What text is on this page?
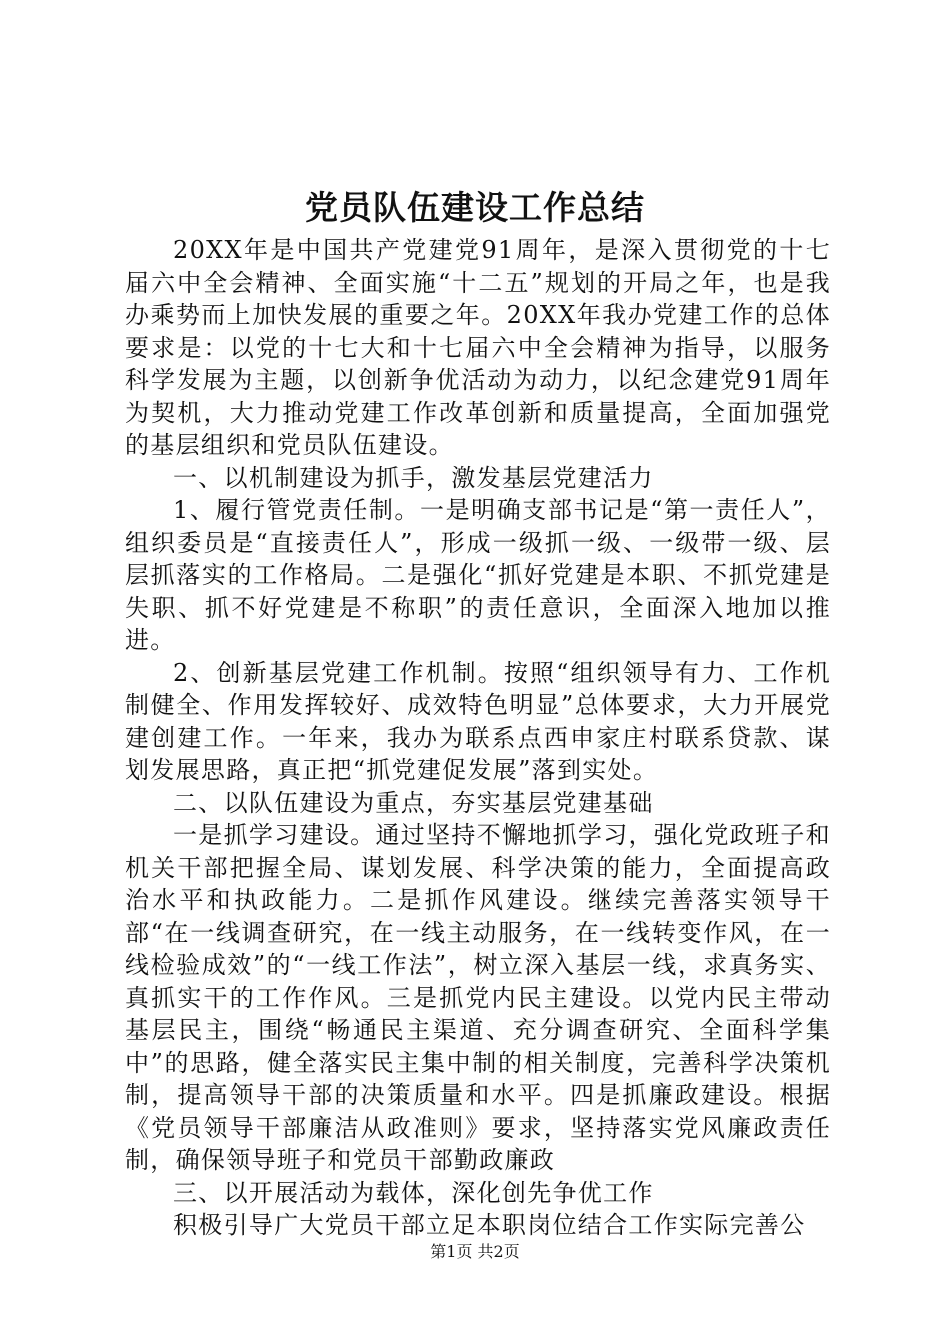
党员队伍建设工作总结

20XX年是中国共产党建党91周年，是深入贯彻党的十七届六中全会精神、全面实施“十二五”规划的开局之年，也是我办乘势而上加快发展的重要之年。20XX年我办党建工作的总体要求是：以党的十七大和十七届六中全会精神为指导，以服务科学发展为主题，以创新争优活动为动力，以纪念建党91周年为契机，大力推动党建工作改革创新和质量提高，全面加强党的基层组织和党员队伍建设。

一、以机制建设为抓手，激发基层党建活力

1、履行管党责任制。一是明确支部书记是“第一责任人”，组织委员是“直接责任人”，形成一级抓一级、一级带一级、层层抓落实的工作格局。二是强化“抓好党建是本职、不抓党建是失职、抓不好党建是不称职”的责任意识，全面深入地加以推进。

2、创新基层党建工作机制。按照“组织领导有力、工作机制健全、作用发挥较好、成效特色明显”总体要求，大力开展党建创建工作。一年来，我办为联系点西申家庄村联系贷款、谋划发展思路，真正把“抓党建促发展”落到实处。

二、以队伍建设为重点，夯实基层党建基础

一是抓学习建设。通过坚持不懈地抓学习，强化党政班子和机关干部把握全局、谋划发展、科学决策的能力，全面提高政治水平和执政能力。二是抓作风建设。继续完善落实领导干部“在一线调查研究，在一线主动服务，在一线转变作风，在一线检验成效”的“一线工作法”，树立深入基层一线，求真务实、真抓实干的工作作风。三是抓党内民主建设。以党内民主带动基层民主，围绕“畅通民主渠道、充分调查研究、全面科学集中”的思路，健全落实民主集中制的相关制度，完善科学决策机制，提高领导干部的决策质量和水平。四是抓廉政建设。根据《党员领导干部廉洁从政准则》要求，坚持落实党风廉政责任制，确保领导班子和党员干部勤政廉政

三、以开展活动为载体，深化创先争优工作

积极引导广大党员干部立足本职岗位结合工作实际完善公

第1页 共2页
